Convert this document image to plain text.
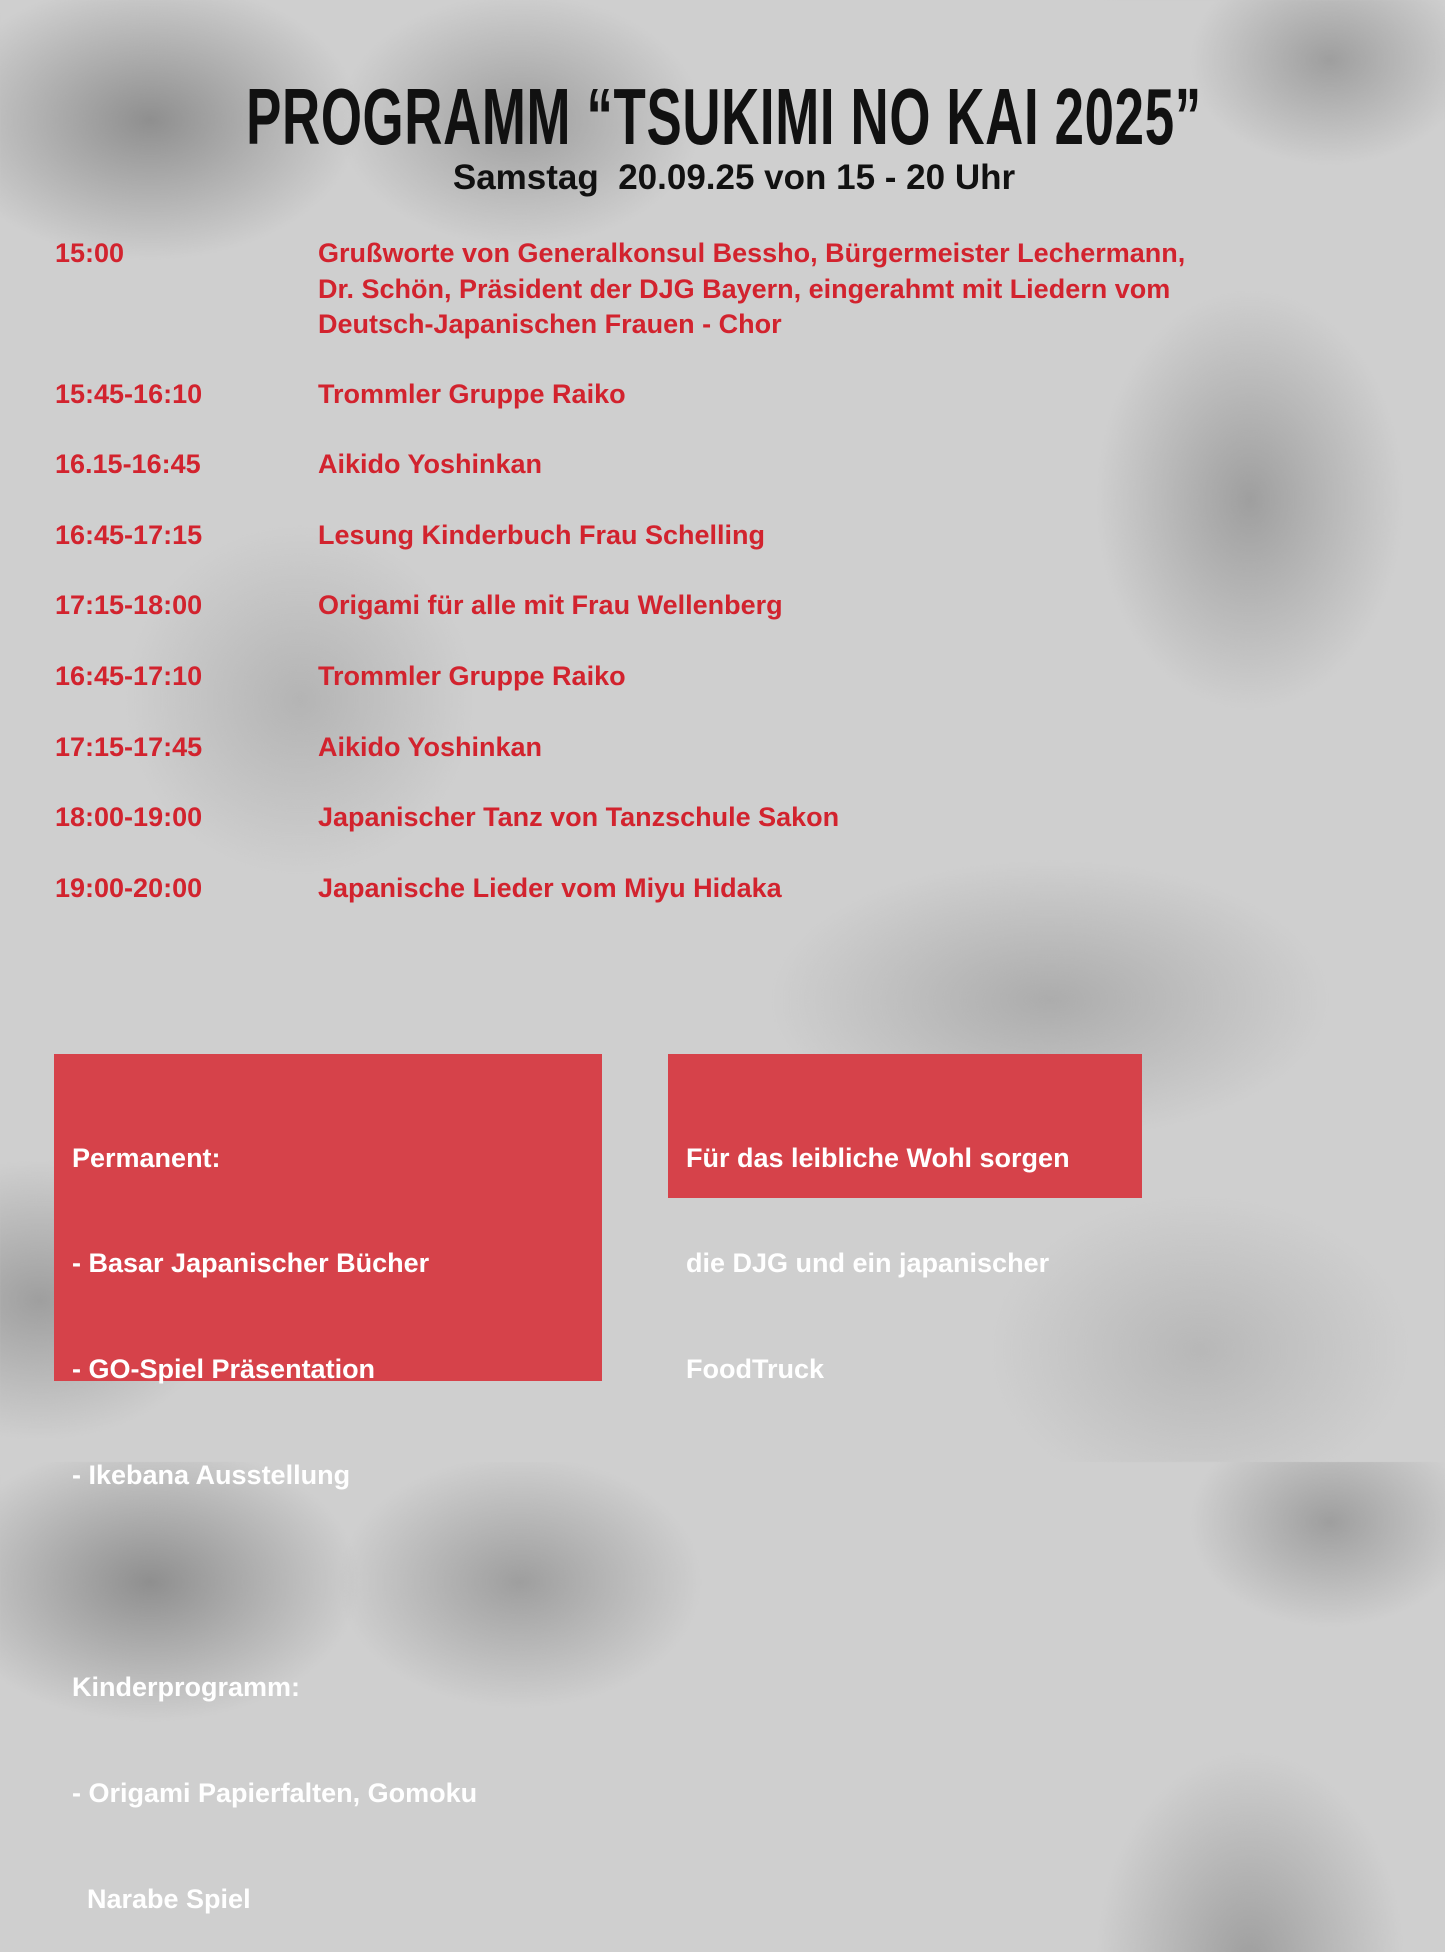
PROGRAMM “TSUKIMI NO KAI 2025”
Samstag  20.09.25 von 15 - 20 Uhr
15:00	Grußworte von Generalkonsul Bessho, Bürgermeister Lechermann,
Dr. Schön, Präsident der DJG Bayern, eingerahmt mit Liedern vom
Deutsch-Japanischen Frauen - Chor
15:45-16:10	Trommler Gruppe Raiko
16.15-16:45	Aikido Yoshinkan
16:45-17:15	Lesung Kinderbuch Frau Schelling
17:15-18:00	Origami für alle mit Frau Wellenberg
16:45-17:10	Trommler Gruppe Raiko
17:15-17:45	Aikido Yoshinkan
18:00-19:00	Japanischer Tanz von Tanzschule Sakon
19:00-20:00	Japanische Lieder vom Miyu Hidaka

Permanent:

- Basar Japanischer Bücher

- GO-Spiel Präsentation

- Ikebana Ausstellung

Kinderprogramm:

- Origami Papierfalten, Gomoku

Narabe Spiel

Für das leibliche Wohl sorgen

die DJG und ein japanischer

FoodTruck
